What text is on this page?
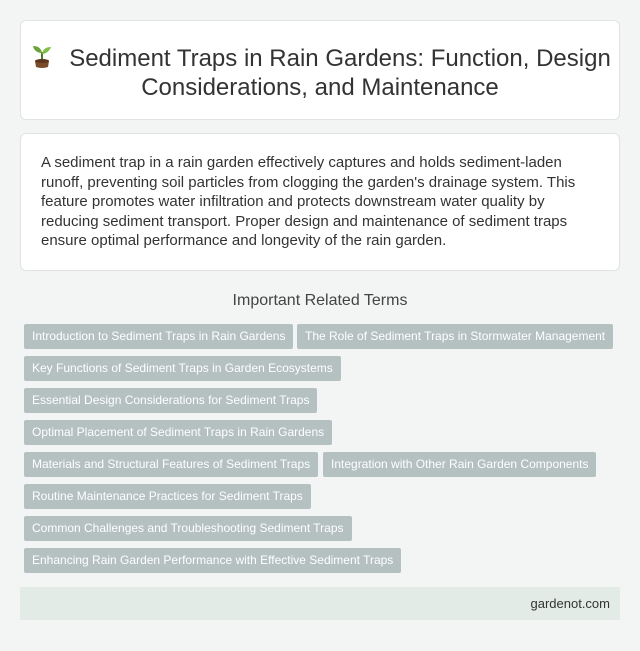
Sediment Traps in Rain Gardens: Function, Design Considerations, and Maintenance

A sediment trap in a rain garden effectively captures and holds sediment-laden runoff, preventing soil particles from clogging the garden's drainage system. This feature promotes water infiltration and protects downstream water quality by reducing sediment transport. Proper design and maintenance of sediment traps ensure optimal performance and longevity of the rain garden.

Important Related Terms
Introduction to Sediment Traps in Rain Gardens	The Role of Sediment Traps in Stormwater Management
Key Functions of Sediment Traps in Garden Ecosystems
Essential Design Considerations for Sediment Traps
Optimal Placement of Sediment Traps in Rain Gardens
Materials and Structural Features of Sediment Traps	Integration with Other Rain Garden Components
Routine Maintenance Practices for Sediment Traps
Common Challenges and Troubleshooting Sediment Traps
Enhancing Rain Garden Performance with Effective Sediment Traps
gardenot.com
